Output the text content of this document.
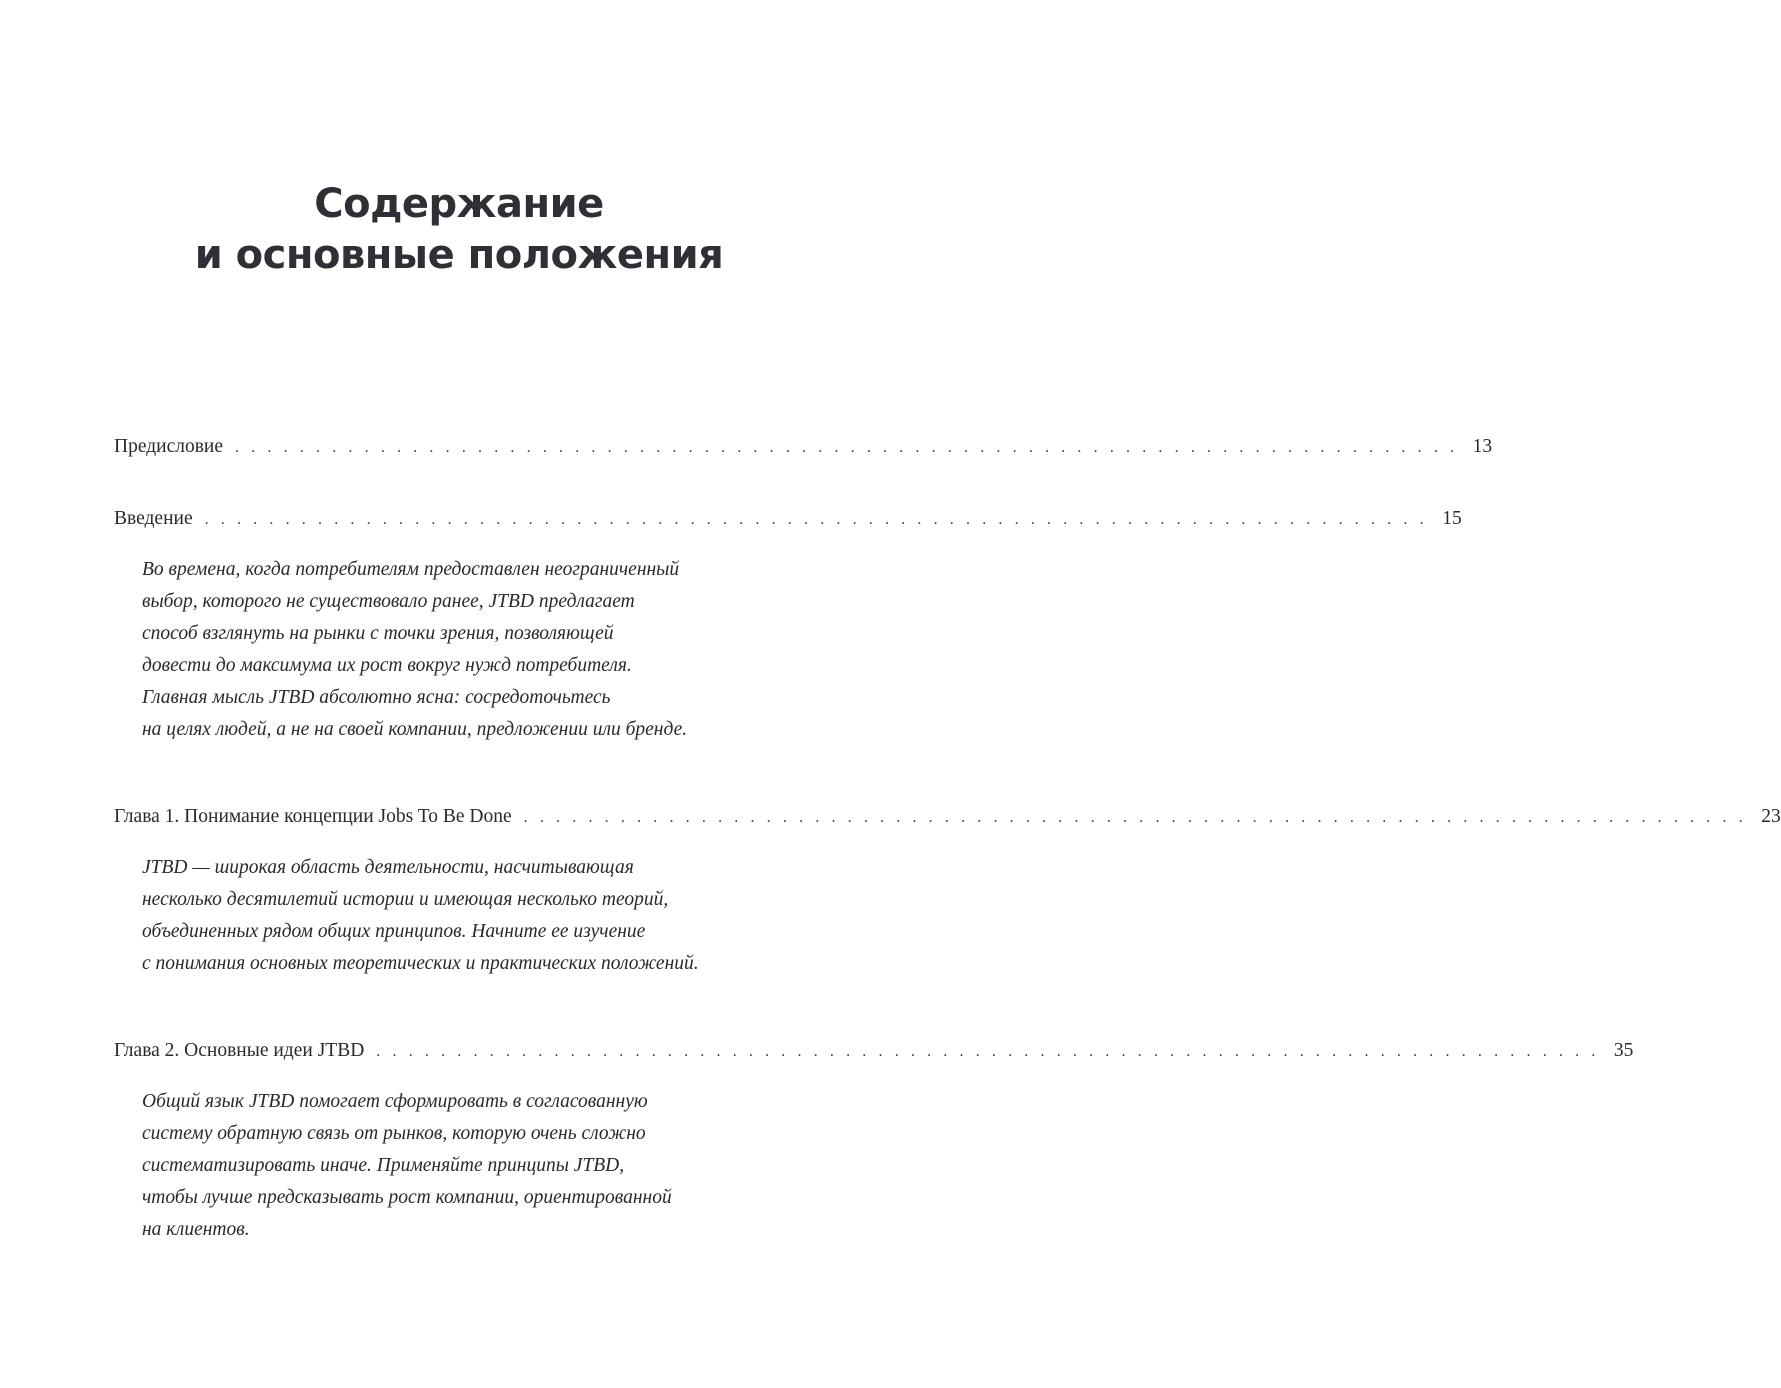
Содержание
и основные положения
Предисловие . . . . . . . . . . . . . . . . . . . . . . . . . . . . . . . . . . . . . . . . . . . . . . . . . . . . . . . . . . . . . . . . . . . . . . . . . . . . 13
Введение . . . . . . . . . . . . . . . . . . . . . . . . . . . . . . . . . . . . . . . . . . . . . . . . . . . . . . . . . . . . . . . . . . . . . . . . . . . . 15
Во времена, когда потребителям предоставлен неограниченный
выбор, которого не существовало ранее, JTBD предлагает
способ взглянуть на рынки с точки зрения, позволяющей
довести до максимума их рост вокруг нужд потребителя.
Главная мысль JTBD абсолютно ясна: сосредоточьтесь
на целях людей, а не на своей компании, предложении или бренде.
Глава 1. Понимание концепции Jobs To Be Done . . . . . . . . . . . . . . . . . . . . . . . . . . . . . . . . . . . . . . . . . . . . . . . . . . . . . . . . . . . . . . . . . . . . . . . . . . . . 23
JTBD — широкая область деятельности, насчитывающая
несколько десятилетий истории и имеющая несколько теорий,
объединенных рядом общих принципов. Начните ее изучение
с понимания основных теоретических и практических положений.
Глава 2. Основные идеи JTBD . . . . . . . . . . . . . . . . . . . . . . . . . . . . . . . . . . . . . . . . . . . . . . . . . . . . . . . . . . . . . . . . . . . . . . . . . . . . 35
Общий язык JTBD помогает сформировать в согласованную
систему обратную связь от рынков, которую очень сложно
систематизировать иначе. Применяйте принципы JTBD,
чтобы лучше предсказывать рост компании, ориентированной
на клиентов.
